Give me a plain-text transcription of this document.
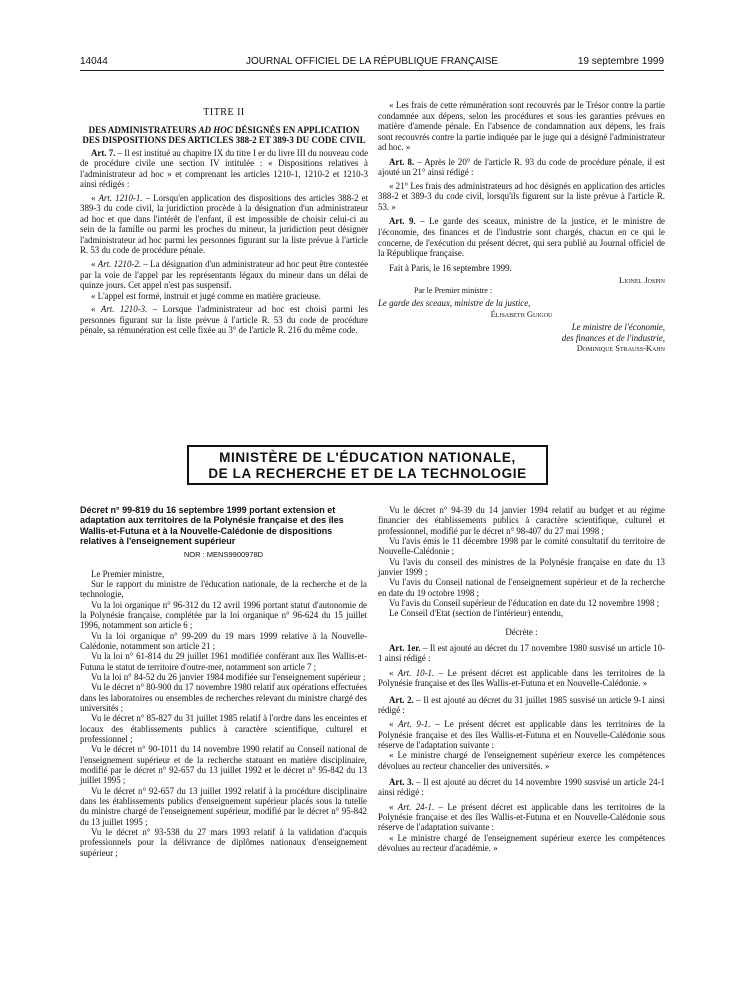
14044	JOURNAL OFFICIEL DE LA RÉPUBLIQUE FRANÇAISE	19 septembre 1999

TITRE II

DES ADMINISTRATEURS AD HOC DÉSIGNÉS EN APPLICATION DES DISPOSITIONS DES ARTICLES 388-2 ET 389-3 DU CODE CIVIL

Art. 7. – Il est institué au chapitre IX du titre I er du livre III du nouveau code de procédure civile une section IV intitulée : « Dispositions relatives à l'administrateur ad hoc » et comprenant les articles 1210-1, 1210-2 et 1210-3 ainsi rédigés :

« Art. 1210-1. – Lorsqu'en application des dispositions des articles 388-2 et 389-3 du code civil, la juridiction procède à la désignation d'un administrateur ad hoc et que dans l'intérêt de l'enfant, il est impossible de choisir celui-ci au sein de la famille ou parmi les proches du mineur, la juridiction peut désigner l'administrateur ad hoc parmi les personnes figurant sur la liste prévue à l'article R. 53 du code de procédure pénale.

« Art. 1210-2. – La désignation d'un administrateur ad hoc peut être contestée par la voie de l'appel par les représentants légaux du mineur dans un délai de quinze jours. Cet appel n'est pas suspensif.

« L'appel est formé, instruit et jugé comme en matière gracieuse.

« Art. 1210-3. – Lorsque l'administrateur ad hoc est choisi parmi les personnes figurant sur la liste prévue à l'article R. 53 du code de procédure pénale, sa rémunération est celle fixée au 3° de l'article R. 216 du même code.

« Les frais de cette rémunération sont recouvrés par le Trésor contre la partie condamnée aux dépens, selon les procédures et sous les garanties prévues en matière d'amende pénale. En l'absence de condamnation aux dépens, les frais sont recouvrés contre la partie indiquée par le juge qui a désigné l'administrateur ad hoc. »

Art. 8. – Après le 20° de l'article R. 93 du code de procédure pénale, il est ajouté un 21° ainsi rédigé :

« 21° Les frais des administrateurs ad hoc désignés en application des articles 388-2 et 389-3 du code civil, lorsqu'ils figurent sur la liste prévue à l'article R. 53. »

Art. 9. – Le garde des sceaux, ministre de la justice, et le ministre de l'économie, des finances et de l'industrie sont chargés, chacun en ce qui le concerne, de l'exécution du présent décret, qui sera publié au Journal officiel de la République française.

Fait à Paris, le 16 septembre 1999.

Lionel Jospin

Par le Premier ministre :

Le garde des sceaux, ministre de la justice,

Élisabeth Guigou

Le ministre de l'économie,

des finances et de l'industrie,

Dominique Strauss-Kahn

MINISTÈRE DE L'ÉDUCATION NATIONALE,
DE LA RECHERCHE ET DE LA TECHNOLOGIE

Décret n° 99-819 du 16 septembre 1999 portant extension et adaptation aux territoires de la Polynésie française et des îles Wallis-et-Futuna et à la Nouvelle-Calédonie de dispositions relatives à l'enseignement supérieur

NOR : MENS9900978D

Le Premier ministre,

Sur le rapport du ministre de l'éducation nationale, de la recherche et de la technologie,

Vu la loi organique n° 96-312 du 12 avril 1996 portant statut d'autonomie de la Polynésie française, complétée par la loi organique n° 96-624 du 15 juillet 1996, notamment son article 6 ;

Vu la loi organique n° 99-209 du 19 mars 1999 relative à la Nouvelle-Calédonie, notamment son article 21 ;

Vu la loi n° 61-814 du 29 juillet 1961 modifiée conférant aux îles Wallis-et-Futuna le statut de territoire d'outre-mer, notamment son article 7 ;

Vu la loi n° 84-52 du 26 janvier 1984 modifiée sur l'enseignement supérieur ;

Vu le décret n° 80-900 du 17 novembre 1980 relatif aux opérations effectuées dans les laboratoires ou ensembles de recherches relevant du ministre chargé des universités ;

Vu le décret n° 85-827 du 31 juillet 1985 relatif à l'ordre dans les enceintes et locaux des établissements publics à caractère scientifique, culturel et professionnel ;

Vu le décret n° 90-1011 du 14 novembre 1990 relatif au Conseil national de l'enseignement supérieur et de la recherche statuant en matière disciplinaire, modifié par le décret n° 92-657 du 13 juillet 1992 et le décret n° 95-842 du 13 juillet 1995 ;

Vu le décret n° 92-657 du 13 juillet 1992 relatif à la procédure disciplinaire dans les établissements publics d'enseignement supérieur placés sous la tutelle du ministre chargé de l'enseignement supérieur, modifié par le décret n° 95-842 du 13 juillet 1995 ;

Vu le décret n° 93-538 du 27 mars 1993 relatif à la validation d'acquis professionnels pour la délivrance de diplômes nationaux d'enseignement supérieur ;

Vu le décret n° 94-39 du 14 janvier 1994 relatif au budget et au régime financier des établissements publics à caractère scientifique, culturel et professionnel, modifié par le décret n° 98-407 du 27 mai 1998 ;

Vu l'avis émis le 11 décembre 1998 par le comité consultatif du territoire de Nouvelle-Calédonie ;

Vu l'avis du conseil des ministres de la Polynésie française en date du 13 janvier 1999 ;

Vu l'avis du Conseil national de l'enseignement supérieur et de la recherche en date du 19 octobre 1998 ;

Vu l'avis du Conseil supérieur de l'éducation en date du 12 novembre 1998 ;

Le Conseil d'Etat (section de l'intérieur) entendu,

Décrète :

Art. 1er. – Il est ajouté au décret du 17 novembre 1980 susvisé un article 10-1 ainsi rédigé :

« Art. 10-1. – Le présent décret est applicable dans les territoires de la Polynésie française et des îles Wallis-et-Futuna et en Nouvelle-Calédonie. »

Art. 2. – Il est ajouté au décret du 31 juillet 1985 susvisé un article 9-1 ainsi rédigé :

« Art. 9-1. – Le présent décret est applicable dans les territoires de la Polynésie française et des îles Wallis-et-Futuna et en Nouvelle-Calédonie sous réserve de l'adaptation suivante :

« Le ministre chargé de l'enseignement supérieur exerce les compétences dévolues au recteur chancelier des universités. »

Art. 3. – Il est ajouté au décret du 14 novembre 1990 susvisé un article 24-1 ainsi rédigé :

« Art. 24-1. – Le présent décret est applicable dans les territoires de la Polynésie française et des îles Wallis-et-Futuna et en Nouvelle-Calédonie sous réserve de l'adaptation suivante :

« Le ministre chargé de l'enseignement supérieur exerce les compétences dévolues au recteur d'académie. »
